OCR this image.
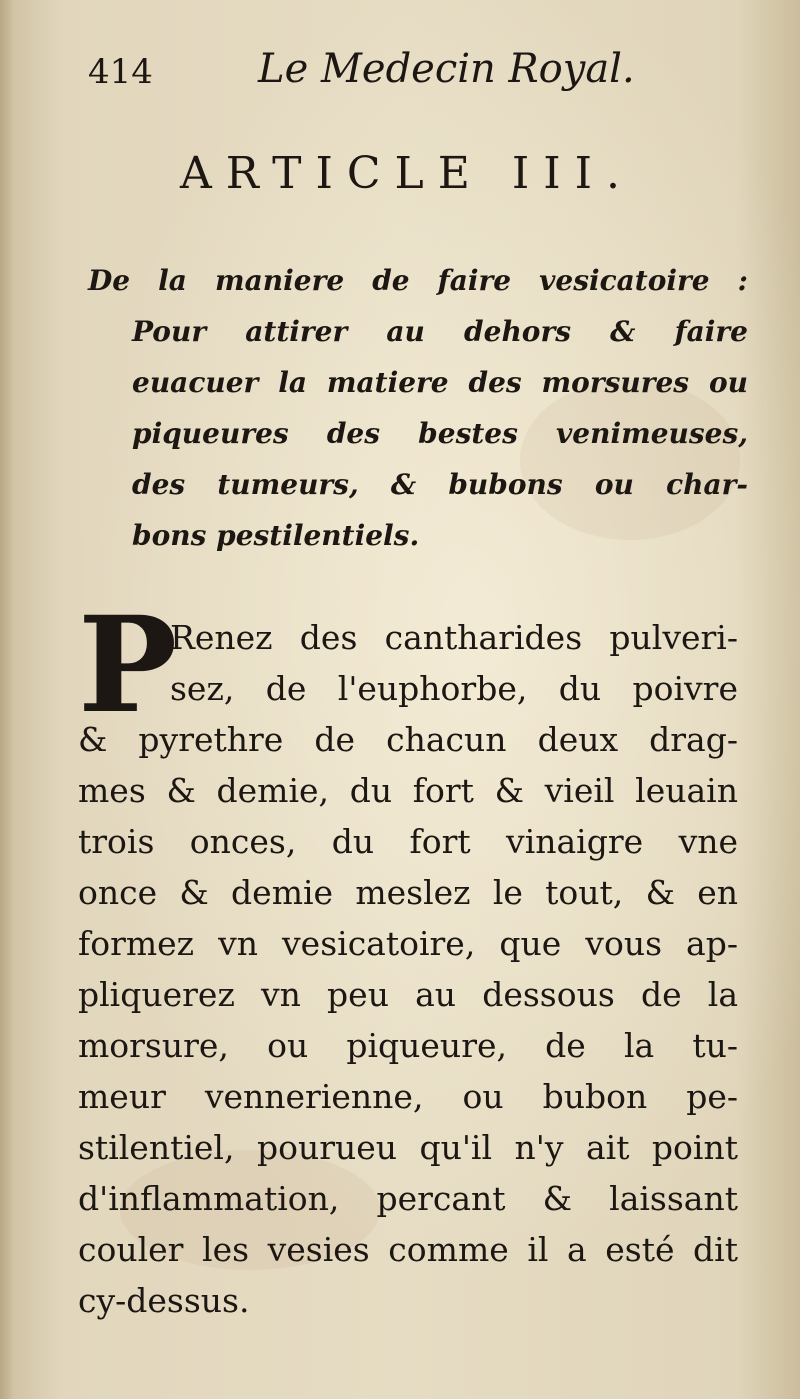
414	Le Medecin Royal.
ARTICLE III.
De la maniere de faire vesicatoire :
Pour attirer au dehors & faire
euacuer la matiere des morsures ou
piqueures des bestes venimeuses,
des tumeurs, & bubons ou char-
bons pestilentiels.
P
Renez des cantharides pulveri-
sez, de l'euphorbe, du poivre
& pyrethre de chacun deux drag-
mes & demie, du fort & vieil leuain
trois onces, du fort vinaigre vne
once & demie meslez le tout, & en
formez vn vesicatoire, que vous ap-
pliquerez vn peu au dessous de la
morsure, ou piqueure, de la tu-
meur vennerienne, ou bubon pe-
stilentiel, pourueu qu'il n'y ait point
d'inflammation, percant & laissant
couler les vesies comme il a esté dit
cy-dessus.
